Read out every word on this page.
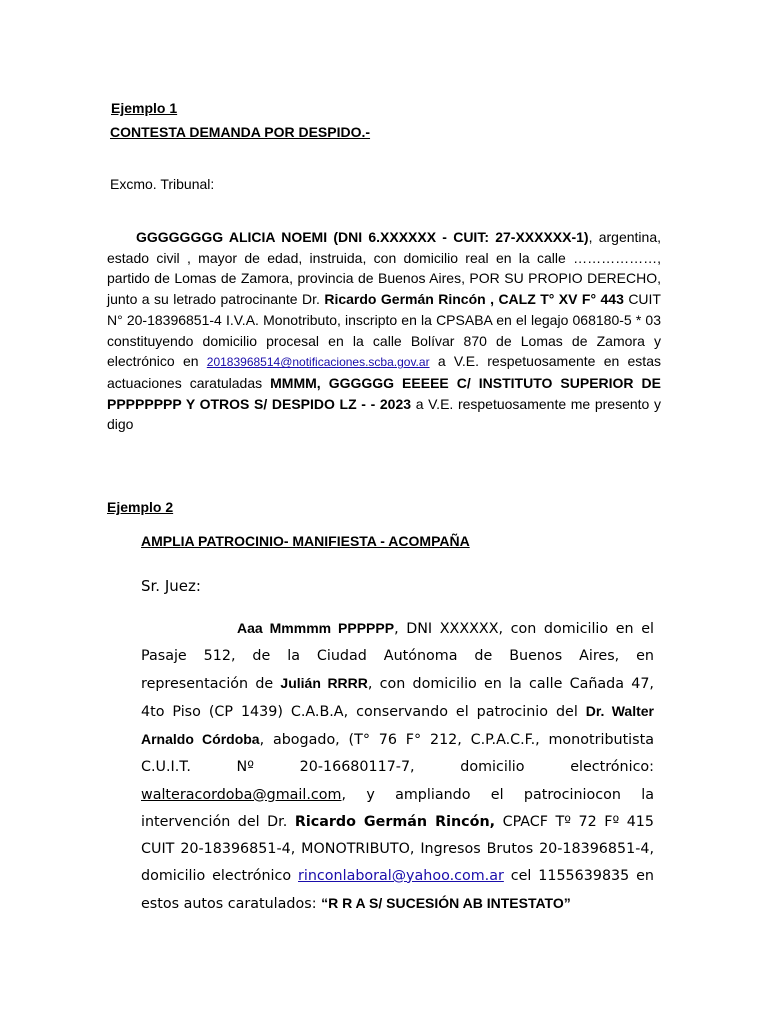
Ejemplo 1
CONTESTA DEMANDA POR DESPIDO.-
Excmo. Tribunal:
GGGGGGGG ALICIA NOEMI (DNI 6.XXXXXX - CUIT: 27-XXXXXX-1), argentina, estado civil , mayor de edad, instruida, con domicilio real en la calle ………………, partido de Lomas de Zamora, provincia de Buenos Aires, POR SU PROPIO DERECHO, junto a su letrado patrocinante Dr. Ricardo Germán Rincón , CALZ T° XV F° 443 CUIT N° 20-18396851-4 I.V.A. Monotributo, inscripto en la CPSABA en el legajo 068180-5 * 03 constituyendo domicilio procesal en la calle Bolívar 870 de Lomas de Zamora y electrónico en 20183968514@notificaciones.scba.gov.ar a V.E. respetuosamente en estas actuaciones caratuladas MMMM, GGGGGG EEEEE C/ INSTITUTO SUPERIOR DE PPPPPPPP Y OTROS S/ DESPIDO LZ - - 2023 a V.E. respetuosamente me presento y digo
Ejemplo 2
AMPLIA PATROCINIO- MANIFIESTA - ACOMPAÑA
Sr. Juez:
Aaa Mmmmm PPPPPP, DNI XXXXXX, con domicilio en el Pasaje 512, de la Ciudad Autónoma de Buenos Aires, en representación de Julián RRRR, con domicilio en la calle Cañada 47, 4to Piso (CP 1439) C.A.B.A, conservando el patrocinio del Dr. Walter Arnaldo Córdoba, abogado, (T° 76 F° 212, C.P.A.C.F., monotributista C.U.I.T. Nº 20-16680117-7, domicilio electrónico: walteracordoba@gmail.com, y ampliando el patrociniocon la intervención del Dr. Ricardo Germán Rincón, CPACF Tº 72 Fº 415 CUIT 20-18396851-4, MONOTRIBUTO, Ingresos Brutos 20-18396851-4, domicilio electrónico rinconlaboral@yahoo.com.ar cel 1155639835 en estos autos caratulados: “R R A S/ SUCESIÓN AB INTESTATO”
